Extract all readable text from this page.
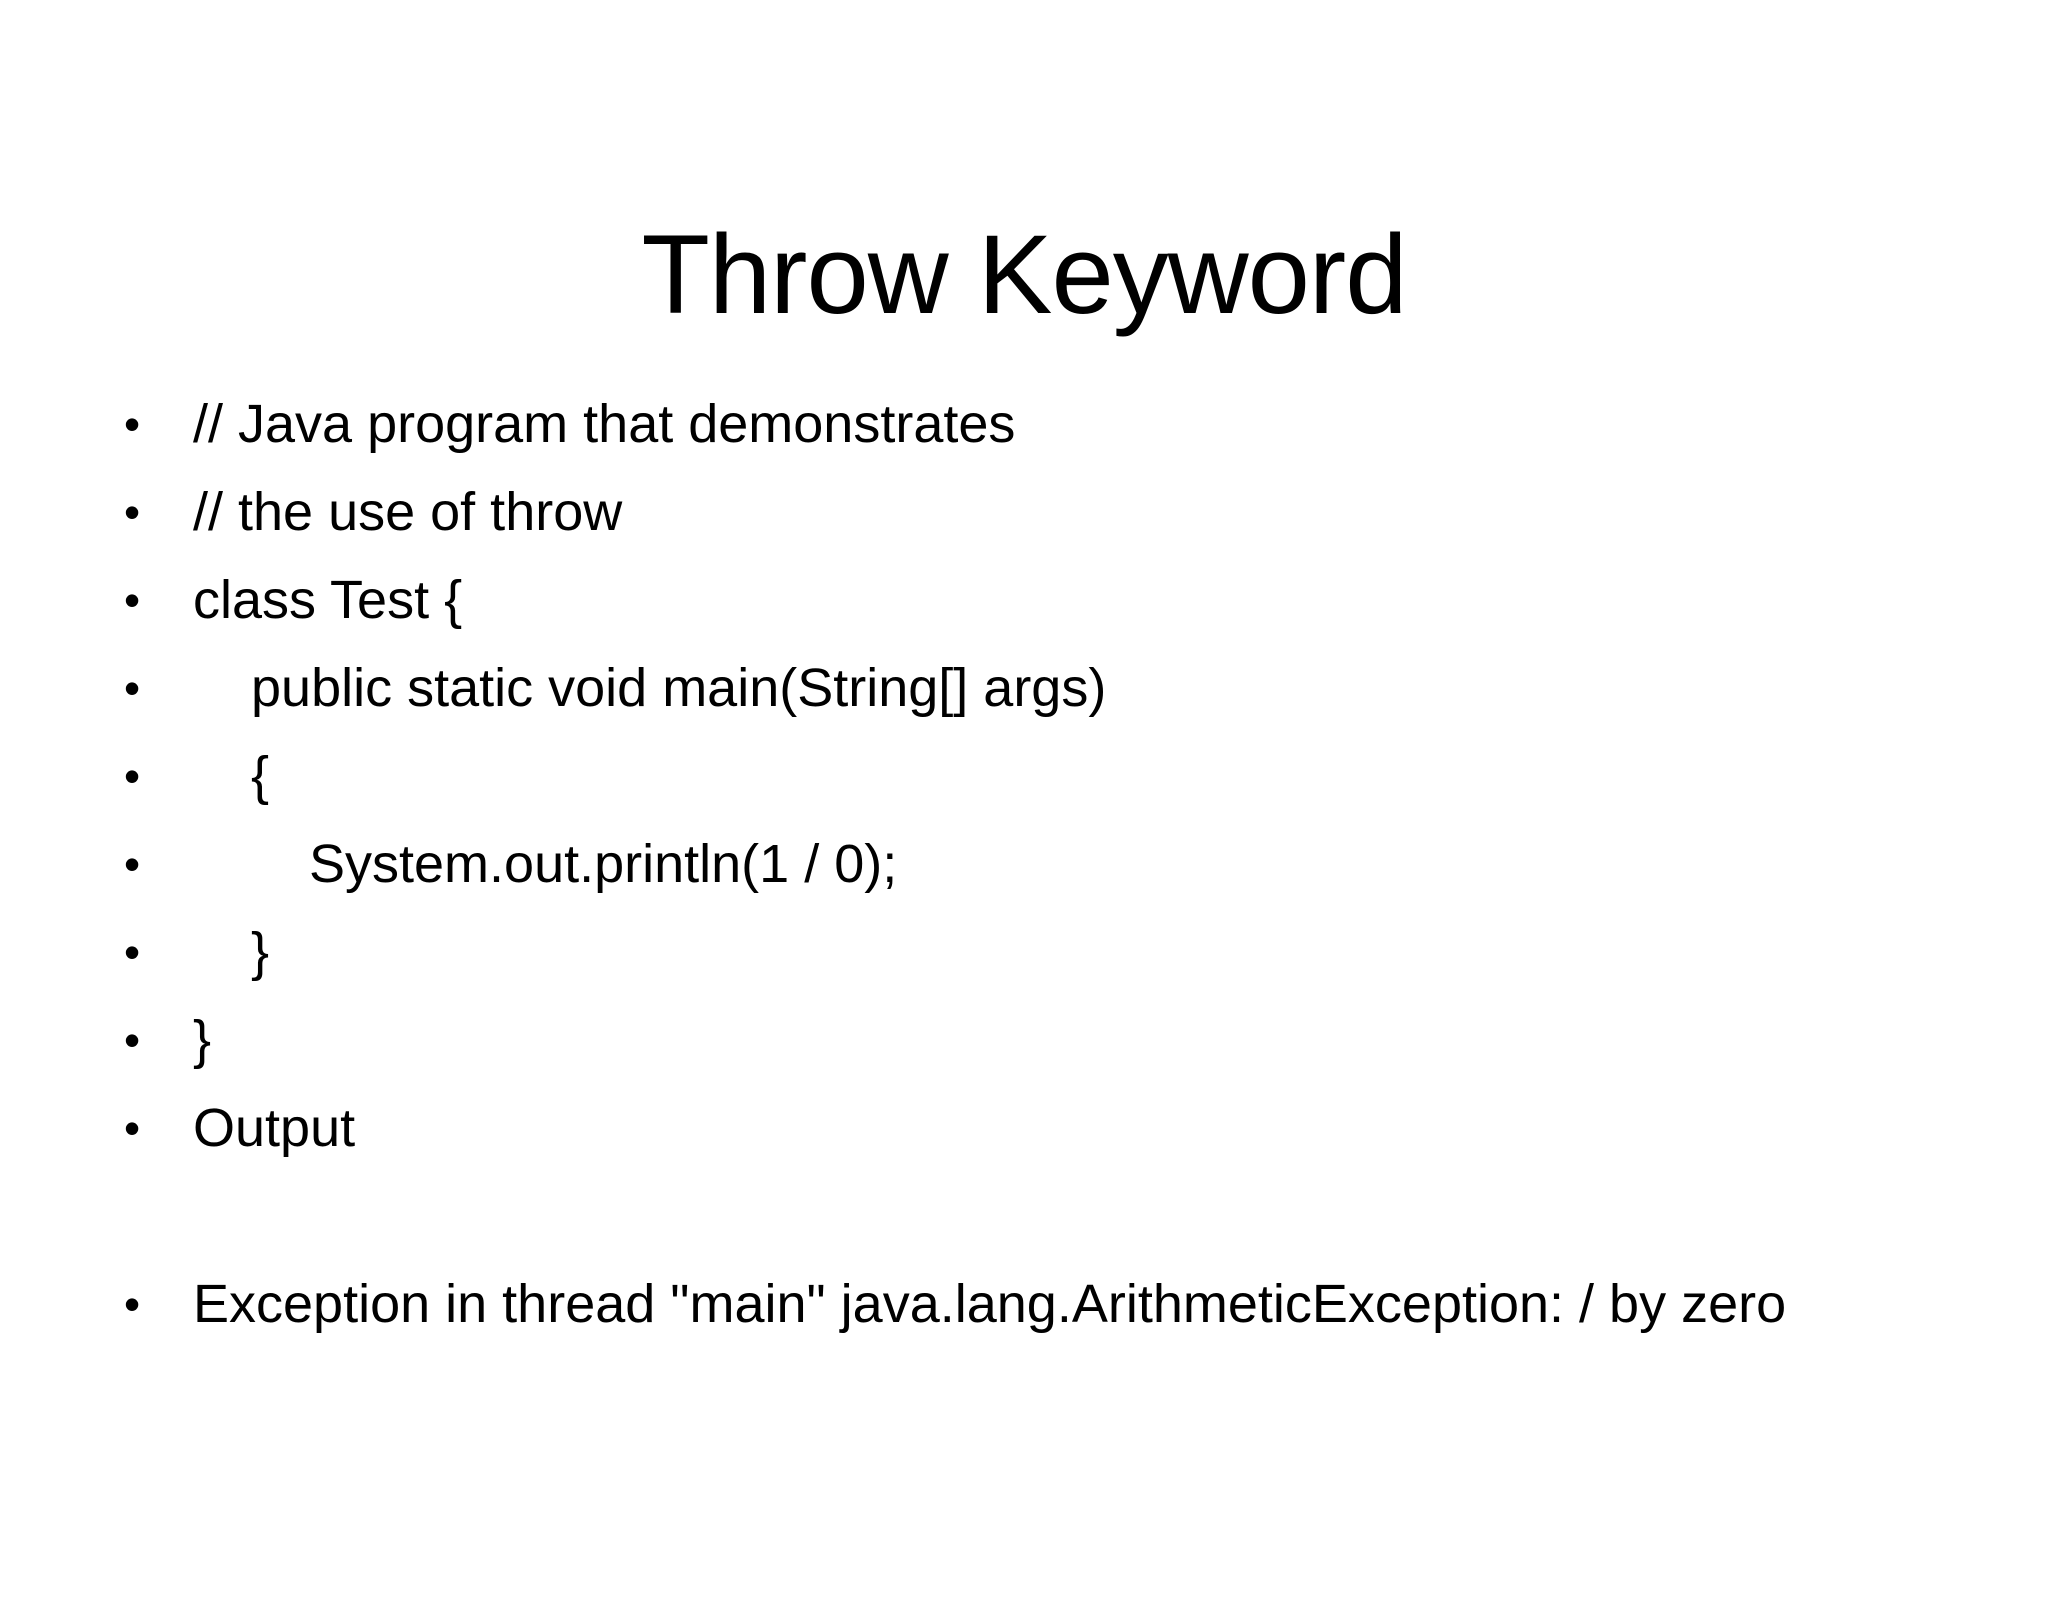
Throw Keyword

•

// Java program that demonstrates

•

// the use of throw

•

class Test {

•

	public static void main(String[] args)

•

	{

•

	System.out.println(1 / 0);

•

	}

•

}

•

Output

•

Exception in thread "main" java.lang.ArithmeticException: / by zero
